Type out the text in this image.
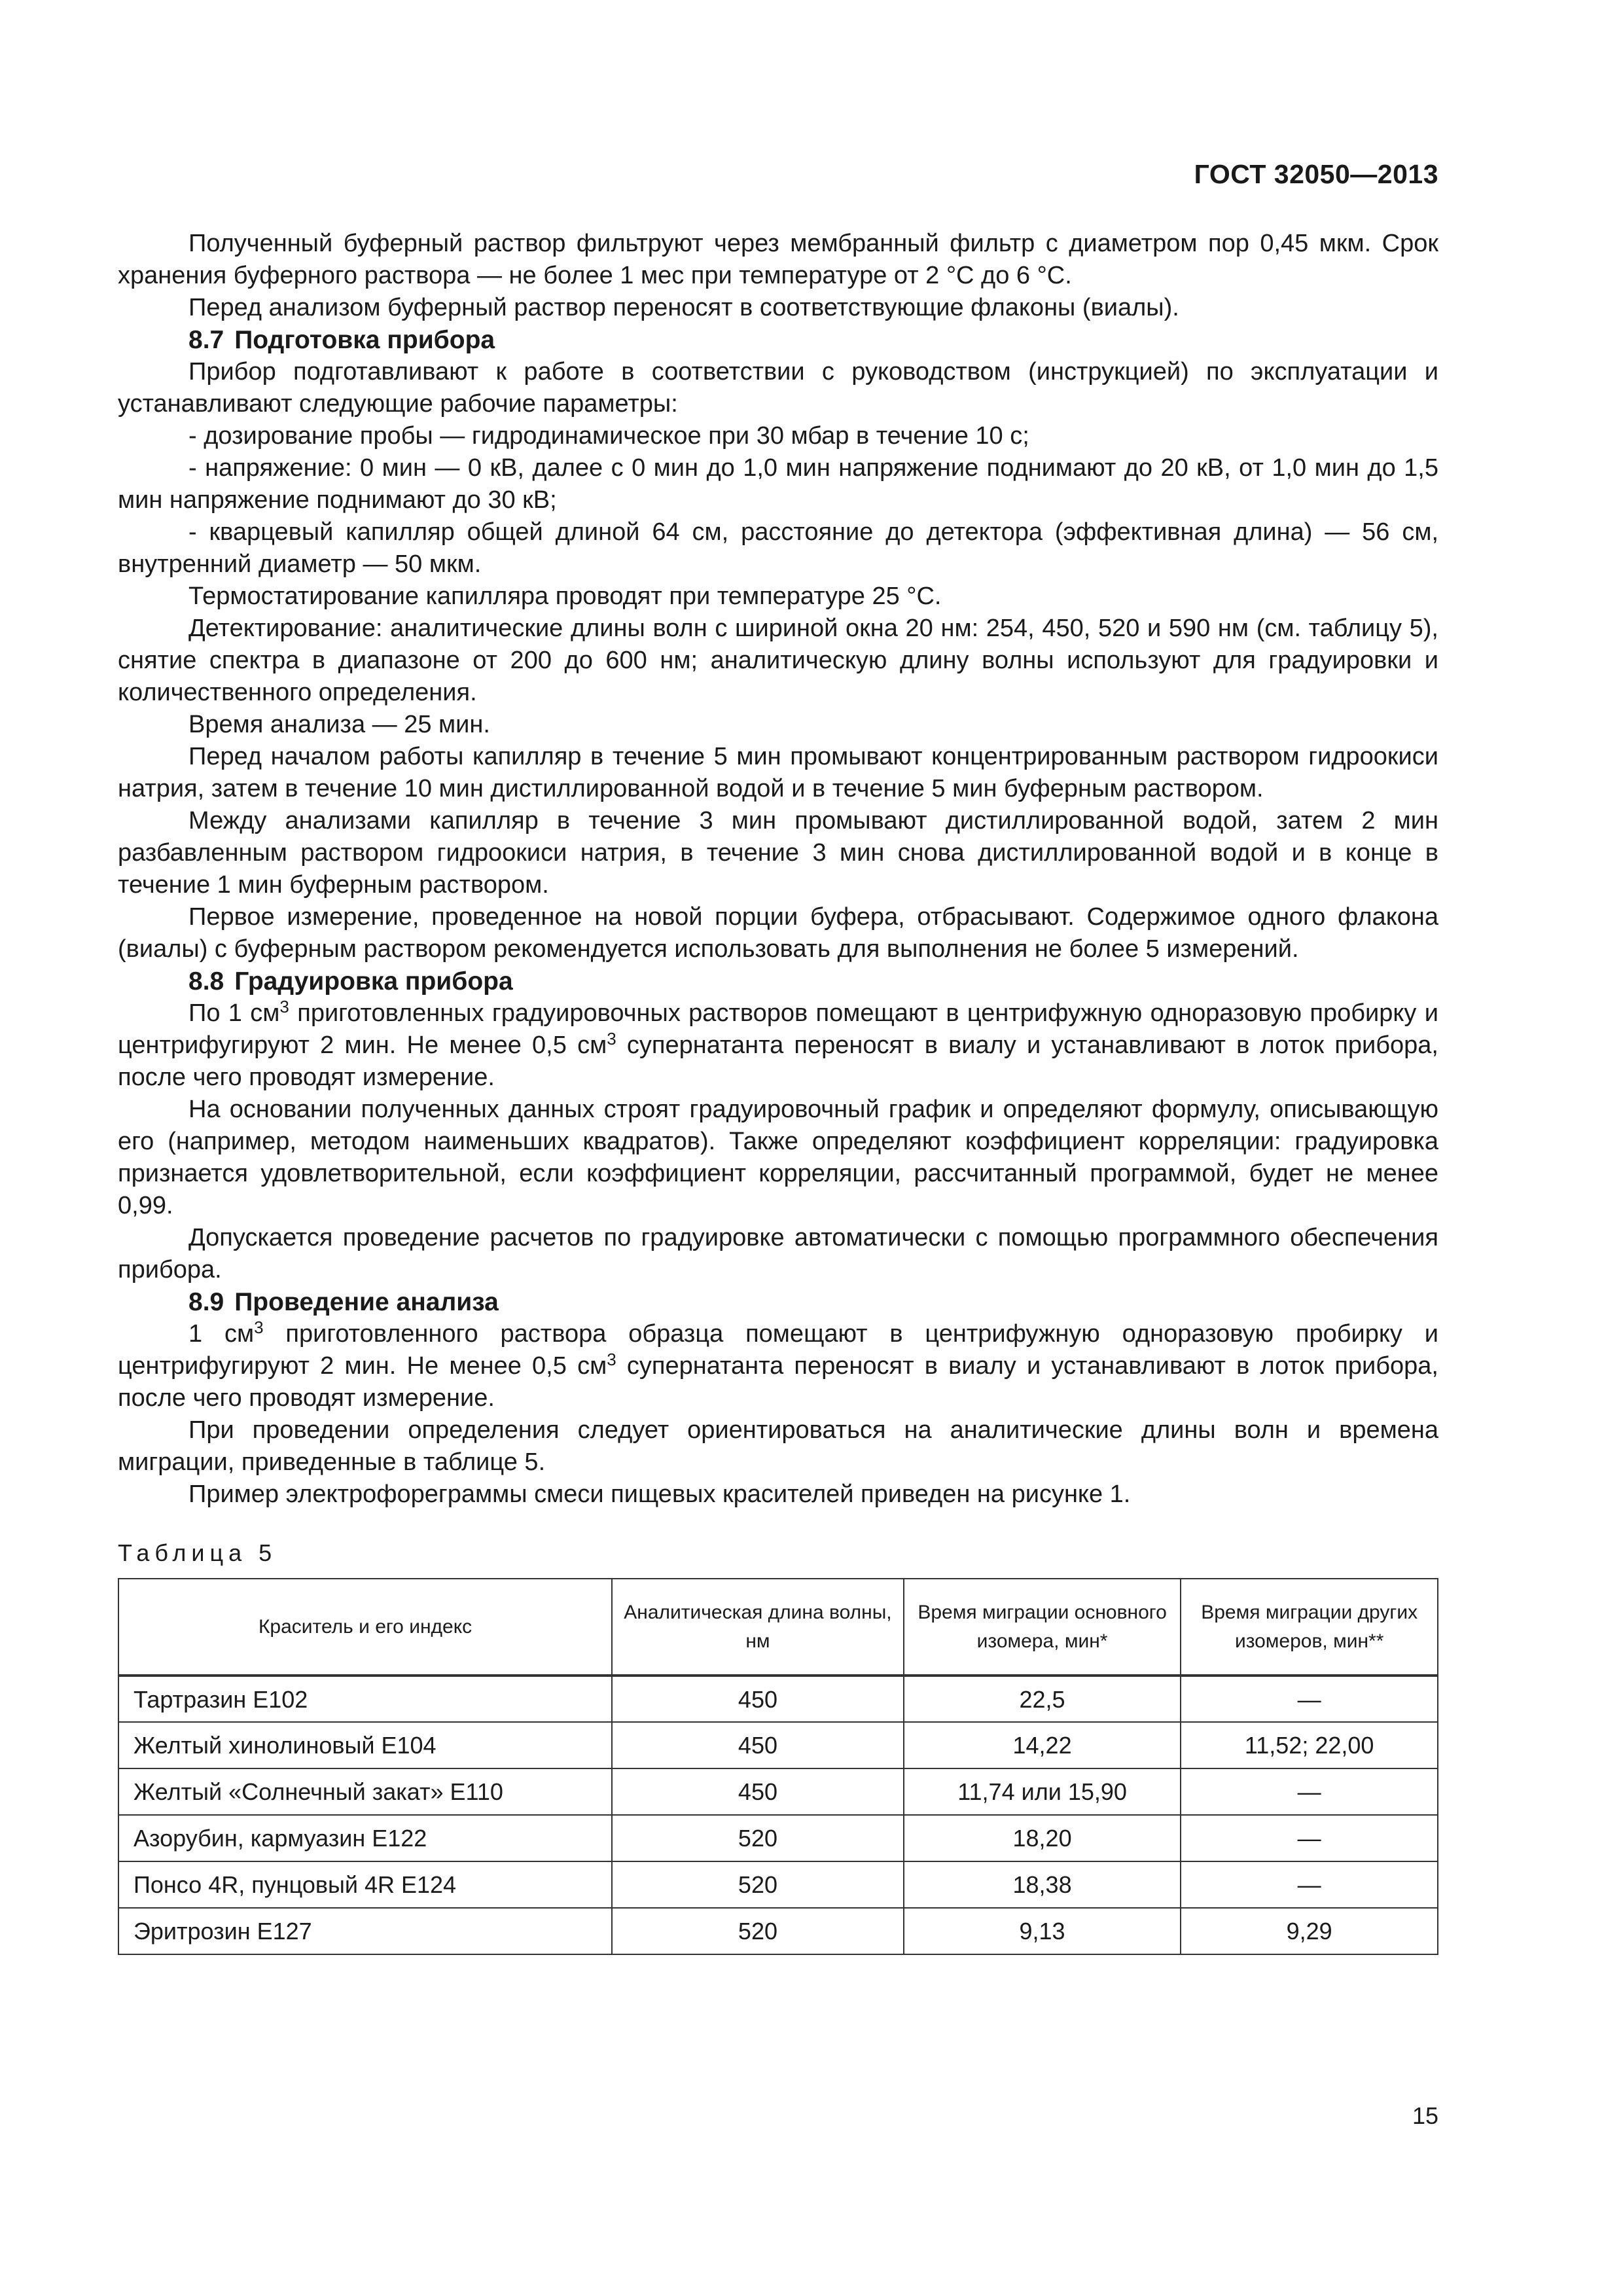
ГОСТ 32050—2013

Полученный буферный раствор фильтруют через мембранный фильтр с диаметром пор 0,45 мкм. Срок хранения буферного раствора — не более 1 мес при температуре от 2 °С до 6 °С.

Перед анализом буферный раствор переносят в соответствующие флаконы (виалы).

8.7 Подготовка прибора

Прибор подготавливают к работе в соответствии с руководством (инструкцией) по эксплуатации и устанавливают следующие рабочие параметры:

- дозирование пробы — гидродинамическое при 30 мбар в течение 10 с;

- напряжение: 0 мин — 0 кВ, далее с 0 мин до 1,0 мин напряжение поднимают до 20 кВ, от 1,0 мин до 1,5 мин напряжение поднимают до 30 кВ;

- кварцевый капилляр общей длиной 64 см, расстояние до детектора (эффективная длина) — 56 см, внутренний диаметр — 50 мкм.

Термостатирование капилляра проводят при температуре 25 °С.

Детектирование: аналитические длины волн с шириной окна 20 нм: 254, 450, 520 и 590 нм (см. таблицу 5), снятие спектра в диапазоне от 200 до 600 нм; аналитическую длину волны используют для градуировки и количественного определения.

Время анализа — 25 мин.

Перед началом работы капилляр в течение 5 мин промывают концентрированным раствором гидроокиси натрия, затем в течение 10 мин дистиллированной водой и в течение 5 мин буферным раствором.

Между анализами капилляр в течение 3 мин промывают дистиллированной водой, затем 2 мин разбавленным раствором гидроокиси натрия, в течение 3 мин снова дистиллированной водой и в конце в течение 1 мин буферным раствором.

Первое измерение, проведенное на новой порции буфера, отбрасывают. Содержимое одного флакона (виалы) с буферным раствором рекомендуется использовать для выполнения не более 5 измерений.

8.8 Градуировка прибора

По 1 $см^3$ приготовленных градуировочных растворов помещают в центрифужную одноразовую пробирку и центрифугируют 2 мин. Не менее 0,5 $см^3$ супернатанта переносят в виалу и устанавливают в лоток прибора, после чего проводят измерение.

На основании полученных данных строят градуировочный график и определяют формулу, описывающую его (например, методом наименьших квадратов). Также определяют коэффициент корреляции: градуировка признается удовлетворительной, если коэффициент корреляции, рассчитанный программой, будет не менее 0,99.

Допускается проведение расчетов по градуировке автоматически с помощью программного обеспечения прибора.

8.9 Проведение анализа

1 $см^3$ приготовленного раствора образца помещают в центрифужную одноразовую пробирку и центрифугируют 2 мин. Не менее 0,5 $см^3$ супернатанта переносят в виалу и устанавливают в лоток прибора, после чего проводят измерение.

При проведении определения следует ориентироваться на аналитические длины волн и времена миграции, приведенные в таблице 5.

Пример электрофореграммы смеси пищевых красителей приведен на рисунке 1.

Таблица 5
Краситель и его индекс	Аналитическая длина волны, нм	Время миграции основного изомера, мин*	Время миграции других изомеров, мин**
Тартразин Е102	450	22,5	—
Желтый хинолиновый Е104	450	14,22	11,52; 22,00
Желтый «Солнечный закат» Е110	450	11,74 или 15,90	—
Азорубин, кармуазин Е122	520	18,20	—
Понсо 4R, пунцовый 4R Е124	520	18,38	—
Эритрозин Е127	520	9,13	9,29
15
